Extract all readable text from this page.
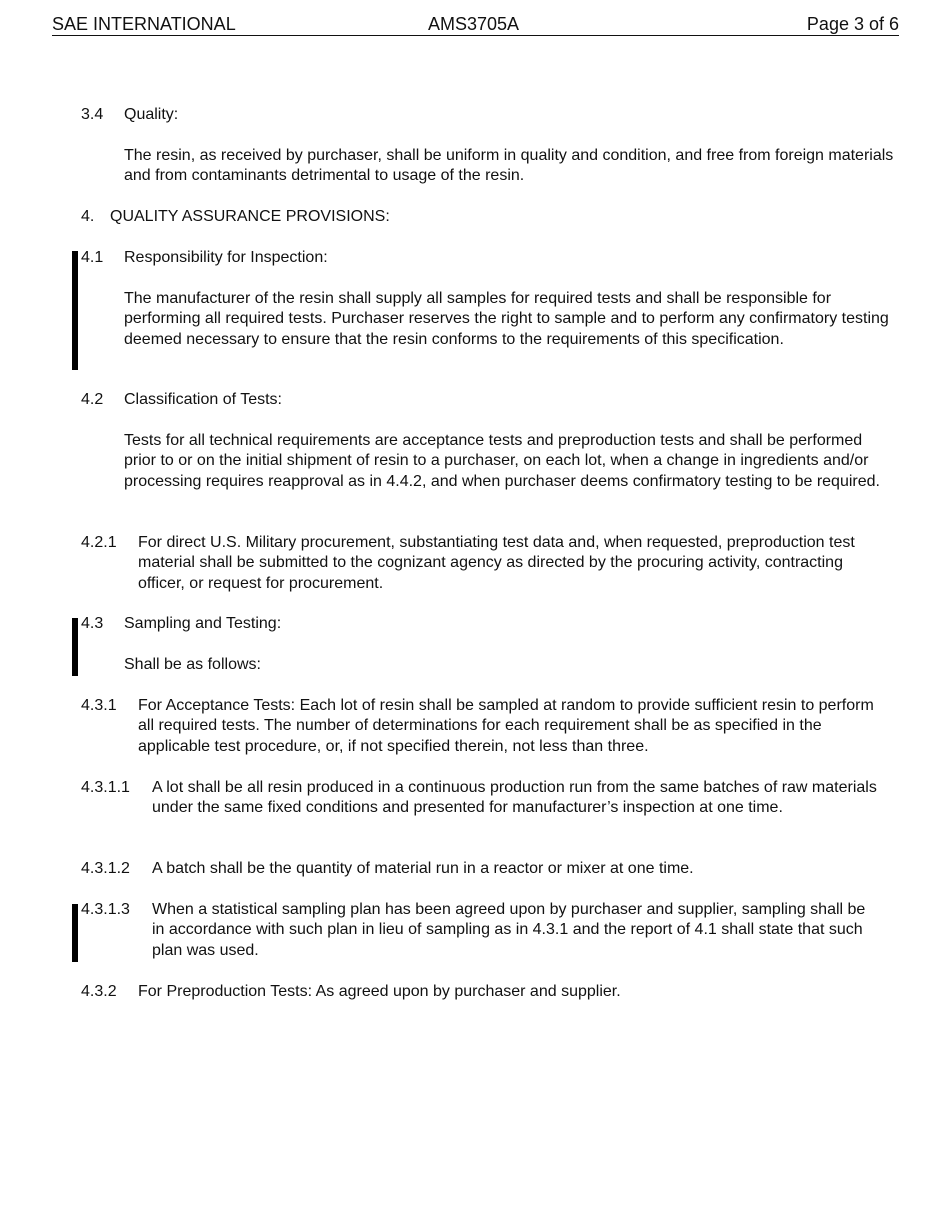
SAE INTERNATIONAL	AMS3705A	Page 3 of 6
3.4 Quality:
The resin, as received by purchaser, shall be uniform in quality and condition, and free from foreign materials and from contaminants detrimental to usage of the resin.
4. QUALITY ASSURANCE PROVISIONS:
4.1 Responsibility for Inspection:
The manufacturer of the resin shall supply all samples for required tests and shall be responsible for performing all required tests. Purchaser reserves the right to sample and to perform any confirmatory testing deemed necessary to ensure that the resin conforms to the requirements of this specification.
4.2 Classification of Tests:
Tests for all technical requirements are acceptance tests and preproduction tests and shall be performed prior to or on the initial shipment of resin to a purchaser, on each lot, when a change in ingredients and/or processing requires reapproval as in 4.4.2, and when purchaser deems confirmatory testing to be required.
4.2.1 For direct U.S. Military procurement, substantiating test data and, when requested, preproduction test material shall be submitted to the cognizant agency as directed by the procuring activity, contracting officer, or request for procurement.
4.3 Sampling and Testing:
Shall be as follows:
4.3.1 For Acceptance Tests: Each lot of resin shall be sampled at random to provide sufficient resin to perform all required tests. The number of determinations for each requirement shall be as specified in the applicable test procedure, or, if not specified therein, not less than three.
4.3.1.1 A lot shall be all resin produced in a continuous production run from the same batches of raw materials under the same fixed conditions and presented for manufacturer’s inspection at one time.
4.3.1.2 A batch shall be the quantity of material run in a reactor or mixer at one time.
4.3.1.3 When a statistical sampling plan has been agreed upon by purchaser and supplier, sampling shall be in accordance with such plan in lieu of sampling as in 4.3.1 and the report of 4.1 shall state that such plan was used.
4.3.2 For Preproduction Tests: As agreed upon by purchaser and supplier.
